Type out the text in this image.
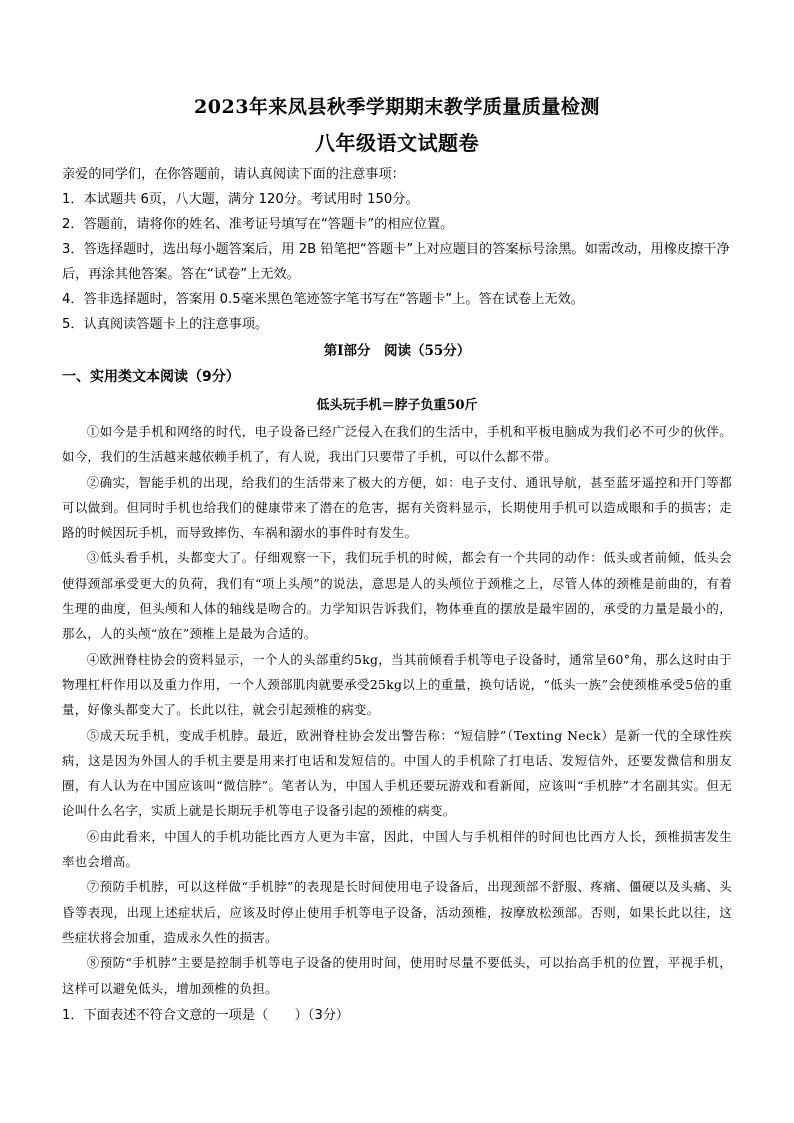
2023年来凤县秋季学期期末教学质量质量检测
八年级语文试题卷
亲爱的同学们，在你答题前，请认真阅读下面的注意事项：
1．本试题共 6页，八大题，满分 120分。考试用时 150分。
2．答题前，请将你的姓名、准考证号填写在“答题卡”的相应位置。
3．答选择题时，选出每小题答案后，用 2B 铅笔把“答题卡”上对应题目的答案标号涂黑。如需改动，用橡皮擦干净后，再涂其他答案。答在“试卷”上无效。
4．答非选择题时，答案用 0.5毫米黑色笔迹签字笔书写在“答题卡”上。答在试卷上无效。
5．认真阅读答题卡上的注意事项。
第Ⅰ部分　阅读（55分）
一、实用类文本阅读（9分）
低头玩手机＝脖子负重50斤

①如今是手机和网络的时代，电子设备已经广泛侵入在我们的生活中，手机和平板电脑成为我们必不可少的伙伴。如今，我们的生活越来越依赖手机了，有人说，我出门只要带了手机，可以什么都不带。

②确实，智能手机的出现，给我们的生活带来了极大的方便，如：电子支付、通讯导航，甚至蓝牙遥控和开门等都可以做到。但同时手机也给我们的健康带来了潜在的危害，据有关资料显示，长期使用手机可以造成眼和手的损害；走路的时候因玩手机，而导致摔伤、车祸和溺水的事件时有发生。

③低头看手机，头都变大了。仔细观察一下，我们玩手机的时候，都会有一个共同的动作：低头或者前倾，低头会使得颈部承受更大的负荷，我们有“项上头颅”的说法，意思是人的头颅位于颈椎之上，尽管人体的颈椎是前曲的，有着生理的曲度，但头颅和人体的轴线是吻合的。力学知识告诉我们，物体垂直的摆放是最牢固的，承受的力量是最小的，那么，人的头颅“放在”颈椎上是最为合适的。

④欧洲脊柱协会的资料显示，一个人的头部重约5kg，当其前倾看手机等电子设备时，通常呈60°角，那么这时由于物理杠杆作用以及重力作用，一个人颈部肌肉就要承受25kg以上的重量，换句话说，“低头一族”会使颈椎承受5倍的重量，好像头都变大了。长此以往，就会引起颈椎的病变。

⑤成天玩手机，变成手机脖。最近，欧洲脊柱协会发出警告称：“短信脖”（Texting Neck）是新一代的全球性疾病，这是因为外国人的手机主要是用来打电话和发短信的。中国人的手机除了打电话、发短信外，还要发微信和朋友圈，有人认为在中国应该叫“微信脖”。笔者认为，中国人手机还要玩游戏和看新闻，应该叫“手机脖”才名副其实。但无论叫什么名字，实质上就是长期玩手机等电子设备引起的颈椎的病变。

⑥由此看来，中国人的手机功能比西方人更为丰富，因此，中国人与手机相伴的时间也比西方人长，颈椎损害发生率也会增高。

⑦预防手机脖，可以这样做“手机脖”的表现是长时间使用电子设备后，出现颈部不舒服、疼痛、僵硬以及头痛、头昏等表现，出现上述症状后，应该及时停止使用手机等电子设备，活动颈椎，按摩放松颈部。否则，如果长此以往，这些症状将会加重，造成永久性的损害。

⑧预防“手机脖”主要是控制手机等电子设备的使用时间，使用时尽量不要低头，可以抬高手机的位置，平视手机，这样可以避免低头，增加颈椎的负担。

1．下面表述不符合文意的一项是（　　）（3分）
